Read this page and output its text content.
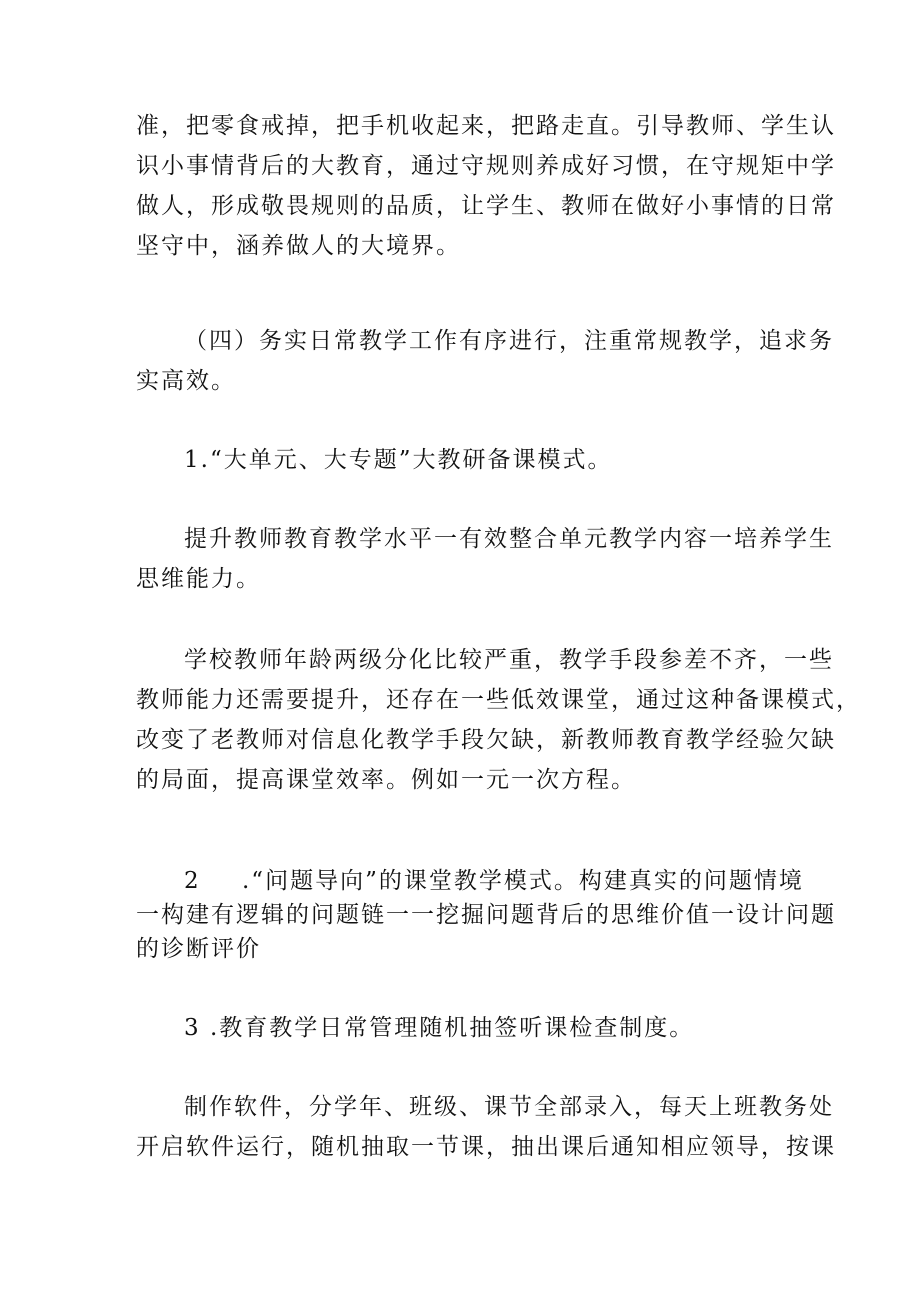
准，把零食戒掉，把手机收起来，把路走直。引导教师、学生认
识小事情背后的大教育，通过守规则养成好习惯，在守规矩中学
做人，形成敬畏规则的品质，让学生、教师在做好小事情的日常
坚守中，涵养做人的大境界。
（四）务实日常教学工作有序进行，注重常规教学，追求务
实高效。
1.“大单元、大专题”大教研备课模式。
提升教师教育教学水平一有效整合单元教学内容一培养学生
思维能力。
学校教师年龄两级分化比较严重，教学手段参差不齐，一些
教师能力还需要提升，还存在一些低效课堂，通过这种备课模式，
改变了老教师对信息化教学手段欠缺，新教师教育教学经验欠缺
的局面，提高课堂效率。例如一元一次方程。
2 .“问题导向”的课堂教学模式。构建真实的问题情境
一构建有逻辑的问题链一一挖掘问题背后的思维价值一设计问题
的诊断评价
3 .教育教学日常管理随机抽签听课检查制度。
制作软件，分学年、班级、课节全部录入，每天上班教务处
开启软件运行，随机抽取一节课，抽出课后通知相应领导，按课
